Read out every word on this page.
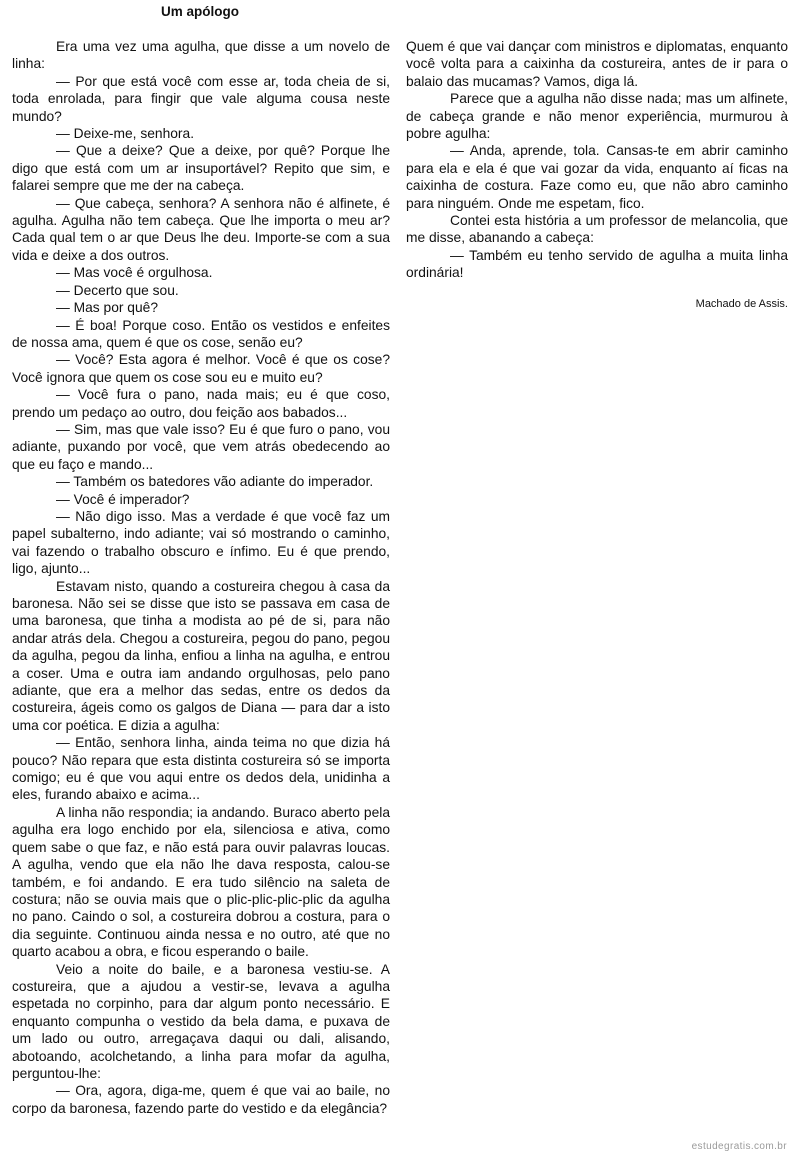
Um apólogo

Era uma vez uma agulha, que disse a um novelo de linha:

— Por que está você com esse ar, toda cheia de si, toda enrolada, para fingir que vale alguma cousa neste mundo?

— Deixe-me, senhora.

— Que a deixe? Que a deixe, por quê? Porque lhe digo que está com um ar insuportável? Repito que sim, e falarei sempre que me der na cabeça.

— Que cabeça, senhora? A senhora não é alfinete, é agulha. Agulha não tem cabeça. Que lhe importa o meu ar? Cada qual tem o ar que Deus lhe deu. Importe-se com a sua vida e deixe a dos outros.

— Mas você é orgulhosa.

— Decerto que sou.

— Mas por quê?

— É boa! Porque coso. Então os vestidos e enfeites de nossa ama, quem é que os cose, senão eu?

— Você? Esta agora é melhor. Você é que os cose? Você ignora que quem os cose sou eu e muito eu?

— Você fura o pano, nada mais; eu é que coso, prendo um pedaço ao outro, dou feição aos babados...

— Sim, mas que vale isso? Eu é que furo o pano, vou adiante, puxando por você, que vem atrás obedecendo ao que eu faço e mando...

— Também os batedores vão adiante do imperador.

— Você é imperador?

— Não digo isso. Mas a verdade é que você faz um papel subalterno, indo adiante; vai só mostrando o caminho, vai fazendo o trabalho obscuro e ínfimo. Eu é que prendo, ligo, ajunto...

Estavam nisto, quando a costureira chegou à casa da baronesa. Não sei se disse que isto se passava em casa de uma baronesa, que tinha a modista ao pé de si, para não andar atrás dela. Chegou a costureira, pegou do pano, pegou da agulha, pegou da linha, enfiou a linha na agulha, e entrou a coser. Uma e outra iam andando orgulhosas, pelo pano adiante, que era a melhor das sedas, entre os dedos da costureira, ágeis como os galgos de Diana — para dar a isto uma cor poética. E dizia a agulha:

— Então, senhora linha, ainda teima no que dizia há pouco? Não repara que esta distinta costureira só se importa comigo; eu é que vou aqui entre os dedos dela, unidinha a eles, furando abaixo e acima...

A linha não respondia; ia andando. Buraco aberto pela agulha era logo enchido por ela, silenciosa e ativa, como quem sabe o que faz, e não está para ouvir palavras loucas. A agulha, vendo que ela não lhe dava resposta, calou-se também, e foi andando. E era tudo silêncio na saleta de costura; não se ouvia mais que o plic-plic-plic-plic da agulha no pano. Caindo o sol, a costureira dobrou a costura, para o dia seguinte. Continuou ainda nessa e no outro, até que no quarto acabou a obra, e ficou esperando o baile.

Veio a noite do baile, e a baronesa vestiu-se. A costureira, que a ajudou a vestir-se, levava a agulha espetada no corpinho, para dar algum ponto necessário. E enquanto compunha o vestido da bela dama, e puxava de um lado ou outro, arregaçava daqui ou dali, alisando, abotoando, acolchetando, a linha para mofar da agulha, perguntou-lhe:

— Ora, agora, diga-me, quem é que vai ao baile, no corpo da baronesa, fazendo parte do vestido e da elegância?

Quem é que vai dançar com ministros e diplomatas, enquanto você volta para a caixinha da costureira, antes de ir para o balaio das mucamas? Vamos, diga lá.

Parece que a agulha não disse nada; mas um alfinete, de cabeça grande e não menor experiência, murmurou à pobre agulha:

— Anda, aprende, tola. Cansas-te em abrir caminho para ela e ela é que vai gozar da vida, enquanto aí ficas na caixinha de costura. Faze como eu, que não abro caminho para ninguém. Onde me espetam, fico.

Contei esta história a um professor de melancolia, que me disse, abanando a cabeça:

— Também eu tenho servido de agulha a muita linha ordinária!

Machado de Assis.

estudegratis.com.br
